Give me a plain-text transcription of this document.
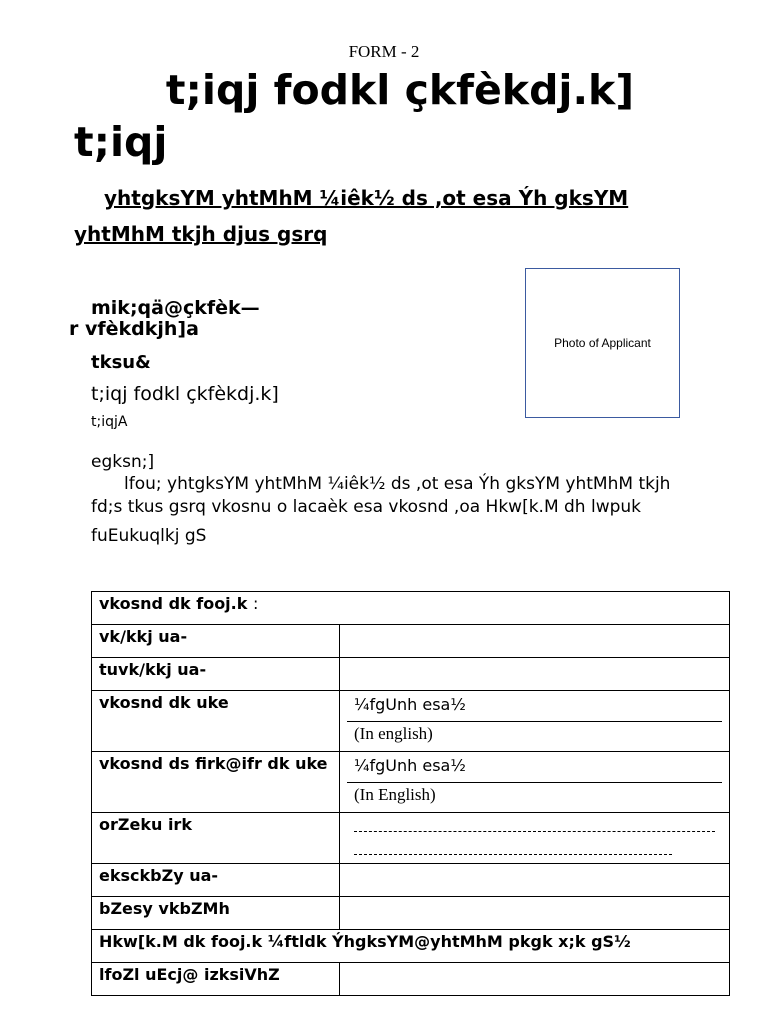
FORM - 2
t;iqj fodkl çkfèkdj.k]
t;iqj
yhtgksYM yhtMhM ¼iêk½ ds ,ot esa Ýh gksYM
yhtMhM tkjh djus gsrq
Photo of Applicant
mik;qä@çkfèk—
r vfèkdkjh]a
tksu&
t;iqj fodkl çkfèkdj.k]
t;iqjA
egksn;]
lfou; yhtgksYM yhtMhM ¼iêk½ ds ,ot esa Ýh gksYM yhtMhM tkjh
fd;s tkus gsrq vkosnu o lacaèk esa vkosnd ,oa Hkw[k.M dh lwpuk
fuEukuqlkj gS
vkosnd dk fooj.k :	
vk/kkj ua-	
tuvk/kkj ua-	
vkosnd dk uke	¼fgUnh esa½
(In english)

vkosnd ds firk@ifr dk uke	¼fgUnh esa½
(In English)

orZeku irk	

eksckbZy ua-	
bZesy vkbZMh	
Hkw[k.M dk fooj.k ¼ftldk ÝhgksYM@yhtMhM pkgk x;k gS½	
lfoZl uEcj@ izksiVhZ	
